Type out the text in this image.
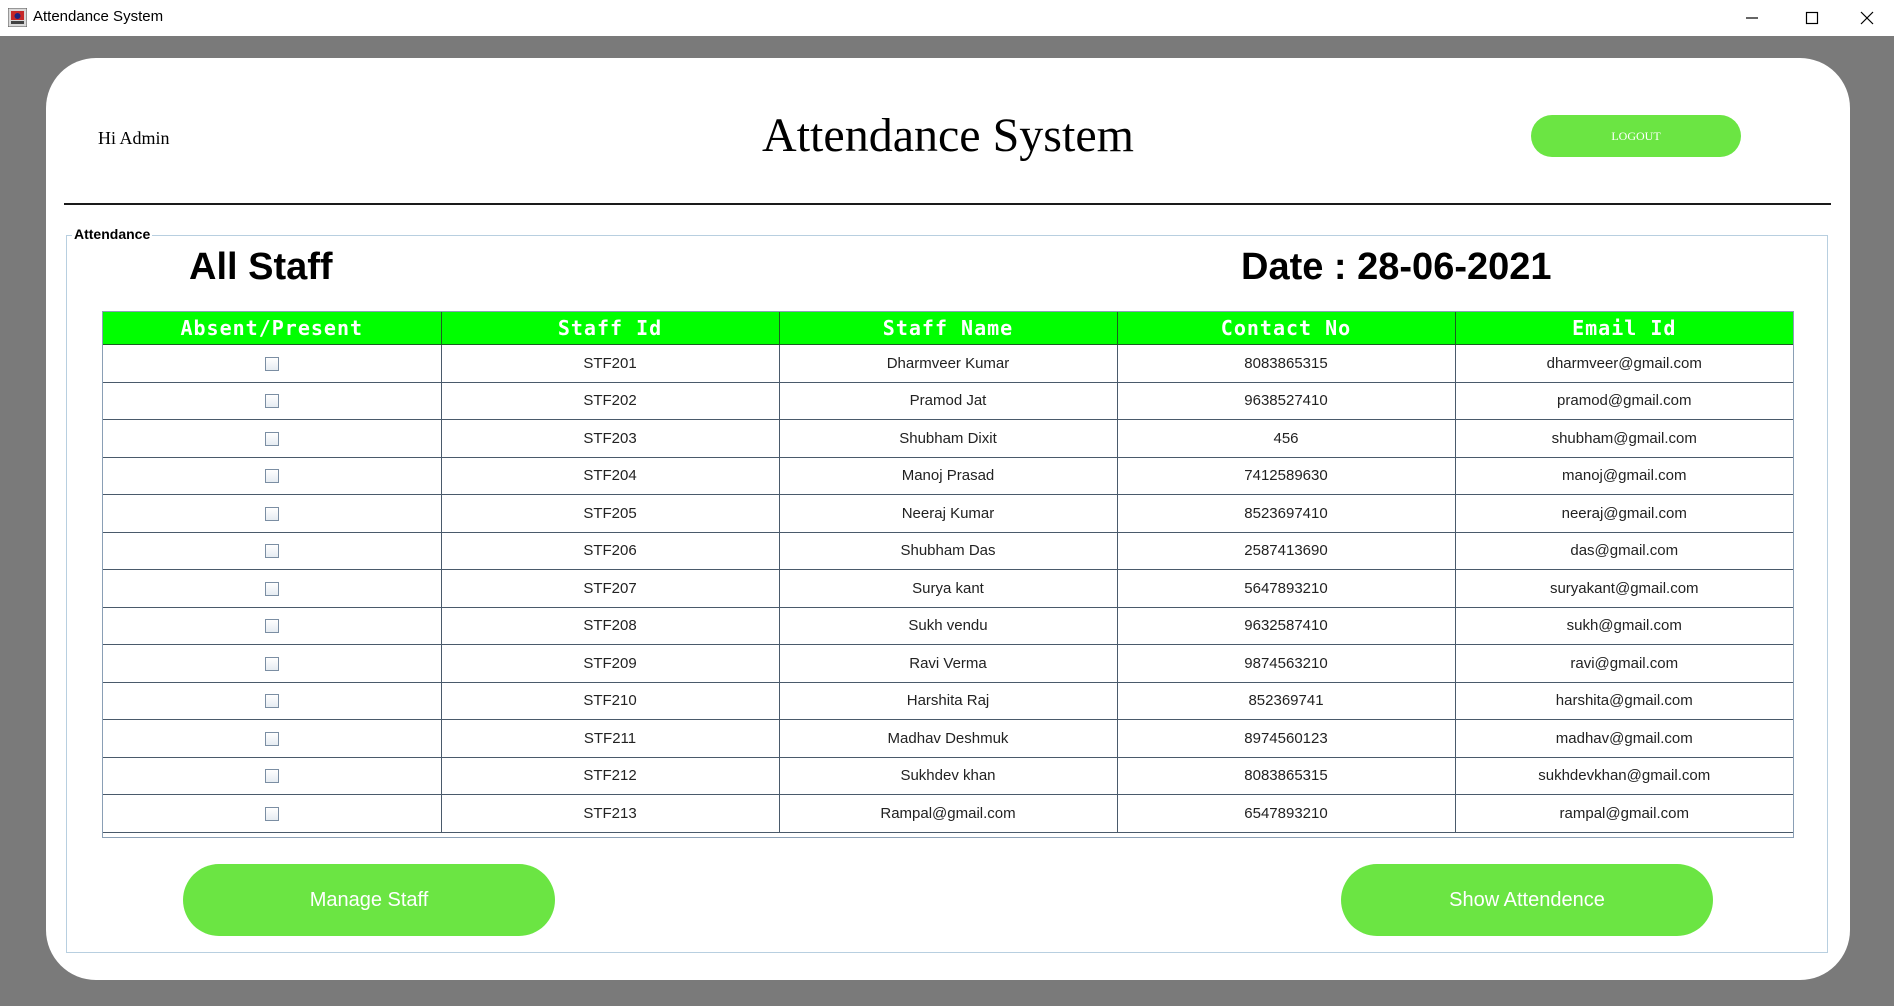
Attendance System
Hi Admin	Attendance System	LOGOUT
Attendance
All Staff	Date : 28-06-2021
Absent/Present	Staff Id	Staff Name	Contact No	Email Id
	STF201	Dharmveer Kumar	8083865315	dharmveer@gmail.com
	STF202	Pramod Jat	9638527410	pramod@gmail.com
	STF203	Shubham Dixit	456	shubham@gmail.com
	STF204	Manoj Prasad	7412589630	manoj@gmail.com
	STF205	Neeraj Kumar	8523697410	neeraj@gmail.com
	STF206	Shubham Das	2587413690	das@gmail.com
	STF207	Surya kant	5647893210	suryakant@gmail.com
	STF208	Sukh vendu	9632587410	sukh@gmail.com
	STF209	Ravi Verma	9874563210	ravi@gmail.com
	STF210	Harshita Raj	852369741	harshita@gmail.com
	STF211	Madhav Deshmuk	8974560123	madhav@gmail.com
	STF212	Sukhdev khan	8083865315	sukhdevkhan@gmail.com
	STF213	Rampal@gmail.com	6547893210	rampal@gmail.com
Manage Staff	Show Attendence
